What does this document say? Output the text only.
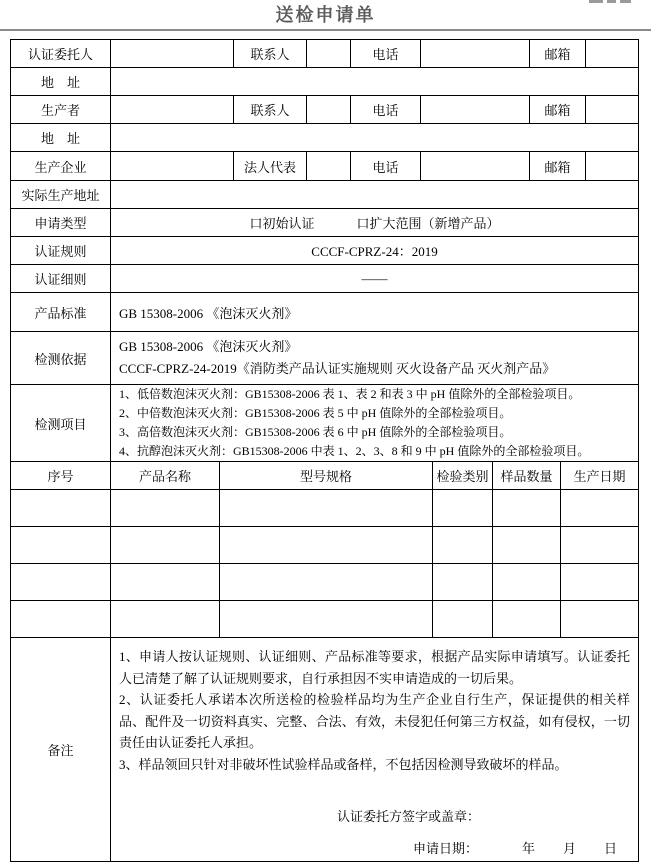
送检申请单
认证委托人		联系人		电话		邮箱	
地　址							
生产者		联系人		电话		邮箱	
地　址							
生产企业		法人代表		电话		邮箱	
实际生产地址							
申请类型	口初始认证 口扩大范围（新增产品）						
认证规则	CCCF-CPRZ-24：2019						
认证细则	——						
产品标准	GB 15308-2006 《泡沫灭火剂》						
检测依据	GB 15308-2006 《泡沫灭火剂》
CCCF-CPRZ-24-2019《消防类产品认证实施规则 灭火设备产品 灭火剂产品》						

检测项目	1、低倍数泡沫灭火剂：GB15308-2006 表 1、表 2 和表 3 中 pH 值除外的全部检验项目。
2、中倍数泡沫灭火剂：GB15308-2006 表 5 中 pH 值除外的全部检验项目。
3、高倍数泡沫灭火剂：GB15308-2006 表 6 中 pH 值除外的全部检验项目。
4、抗醇泡沫灭火剂：GB15308-2006 中表 1、2、3、8 和 9 中 pH 值除外的全部检验项目。						
序号	产品名称	型号规格	检验类别	样品数量	生产日期

备注	
1、申请人按认证规则、认证细则、产品标准等要求，根据产品实际申请填写。认证委托人已清楚了解了认证规则要求，自行承担因不实申请造成的一切后果。
2、认证委托人承诺本次所送检的检验样品均为生产企业自行生产，保证提供的相关样品、配件及一切资料真实、完整、合法、有效，未侵犯任何第三方权益，如有侵权，一切责任由认证委托人承担。
3、样品领回只针对非破坏性试验样品或备样，不包括因检测导致破坏的样品。
认证委托方签字或盖章：
申请日期：	年 月 日
